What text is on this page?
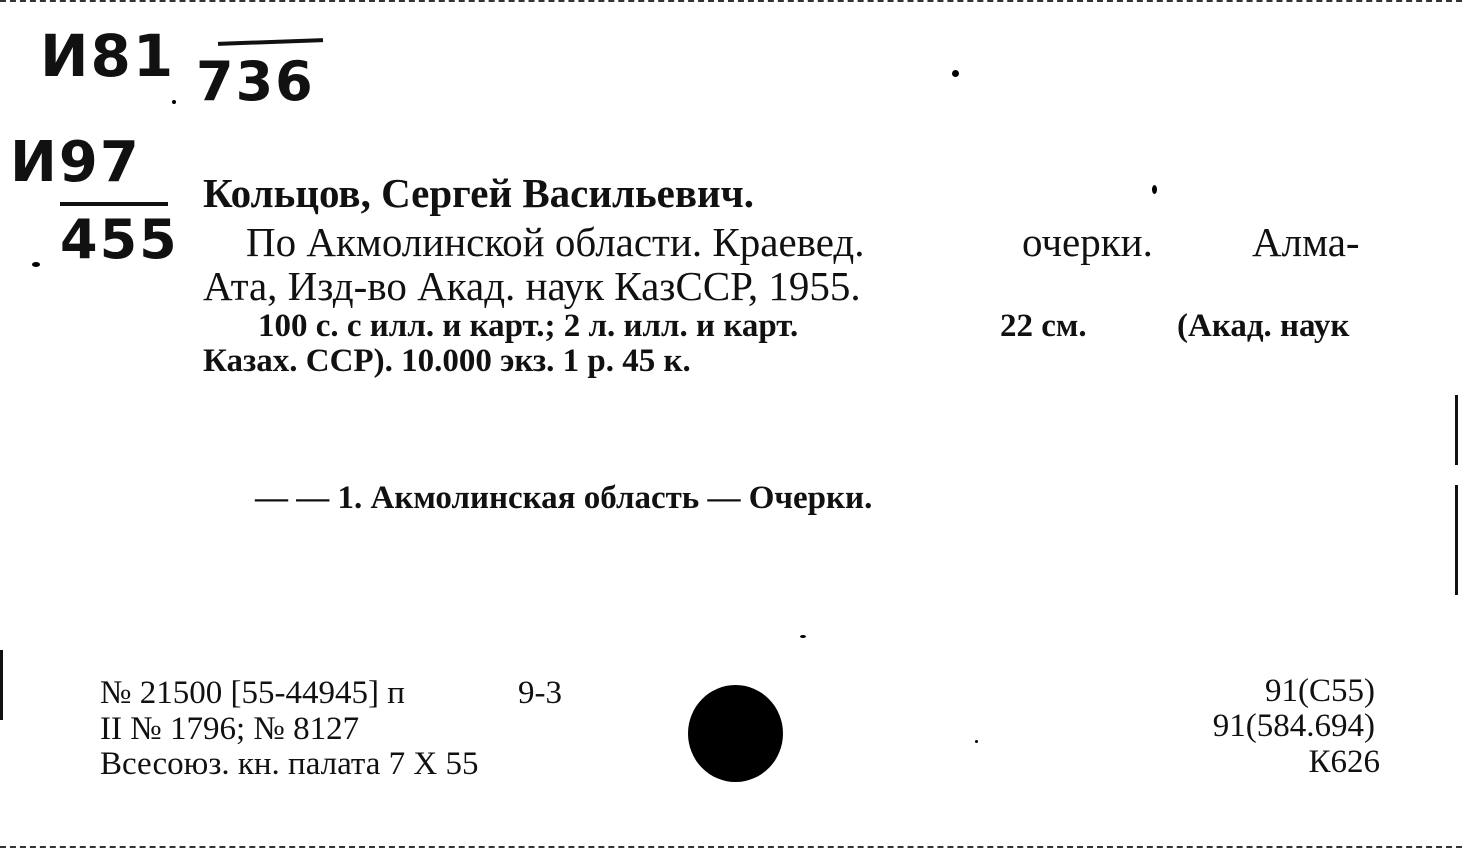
И81 736
И97
455
Кольцов, Сергей Васильевич.
По Акмолинской области. Краевед.	очерки. Алма-
Ата, Изд-во Акад. наук КазССР, 1955.
100 с. с илл. и карт.; 2 л. илл. и карт.	22 см.	(Акад. наук
Казах. ССР). 10.000 экз. 1 р. 45 к.
— — 1. Акмолинская область — Очерки.
№ 21500 [55-44945] п	9-3
II № 1796; № 8127
Всесоюз. кн. палата 7 X 55
91(С55)
91(584.694)
К626
